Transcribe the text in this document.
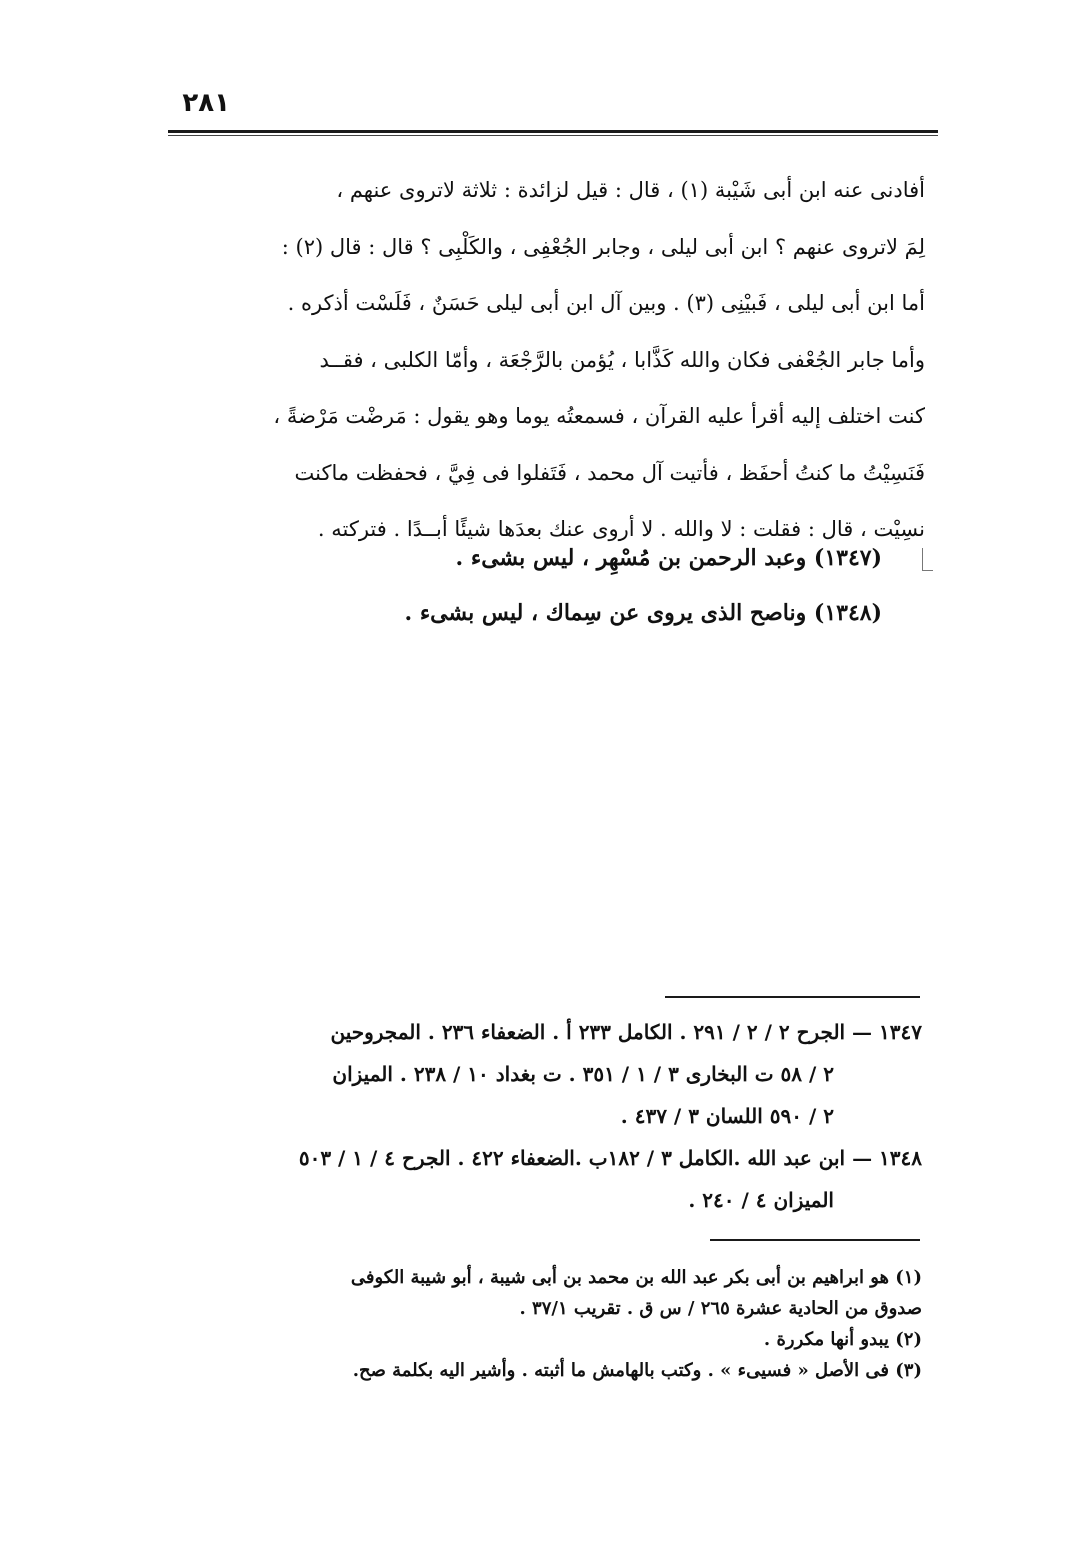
٢٨١

أفادنى عنه ابن أبى شَيْبة (١) ، قال : قيل لزائدة : ثلاثة لاتروى عنهم ،

لِمَ لاتروى عنهم ؟ ابن أبى ليلى ، وجابر الجُعْفِى ، والكَلْبِى ؟ قال : قال (٢) :

أما ابن أبى ليلى ، فَبيْنِى (٣) . وبين آل ابن أبى ليلى حَسَنٌ ، فَلَسْت أذكره .

وأما جابر الجُعْفى فكان والله كَذَّابا ، يُؤمن بالرَّجْعَة ، وأمّا الكلبى ، فقــد

كنت اختلف إليه أقرأ عليه القرآن ، فسمعتُه يوما وهو يقول : مَرضْت مَرْضةً ،

فَنَسِيْتُ ما كنتُ أحفَظ ، فأتيت آل محمد ، فَتَفلوا فى فِيَّ ، فحفظت ماكنت

نسِيْت ، قال : فقلت : لا والله . لا أروى عنك بعدَها شيئًا أبــدًا . فتركته .

(١٣٤٧) وعبد الرحمن بن مُسْهِر ، ليس بشىء .
(١٣٤٨) وناصح الذى يروى عن سِماك ، ليس بشىء .

١٣٤٧ — الجرح ٢ / ٢ / ٢٩١ . الكامل ٢٣٣ أ . الضعفاء ٢٣٦ . المجروحين

٢ / ٥٨ ت البخارى ٣ / ١ / ٣٥١ . ت بغداد ١٠ / ٢٣٨ . الميزان

٢ / ٥٩٠ اللسان ٣ / ٤٣٧ .

١٣٤٨ — ابن عبد الله .الكامل ٣ / ١٨٢ب .الضعفاء ٤٢٢ . الجرح ٤ / ١ / ٥٠٣

الميزان ٤ / ٢٤٠ .

(١) هو ابراهيم بن أبى بكر عبد الله بن محمد بن أبى شيبة ، أبو شيبة الكوفى

صدوق من الحادية عشرة ٢٦٥ / س ق . تقريب ٣٧/١ .

(٢) يبدو أنها مكررة .

(٣) فى الأصل « فسيىء » . وكتب بالهامش ما أثبته . وأشير اليه بكلمة صح.
